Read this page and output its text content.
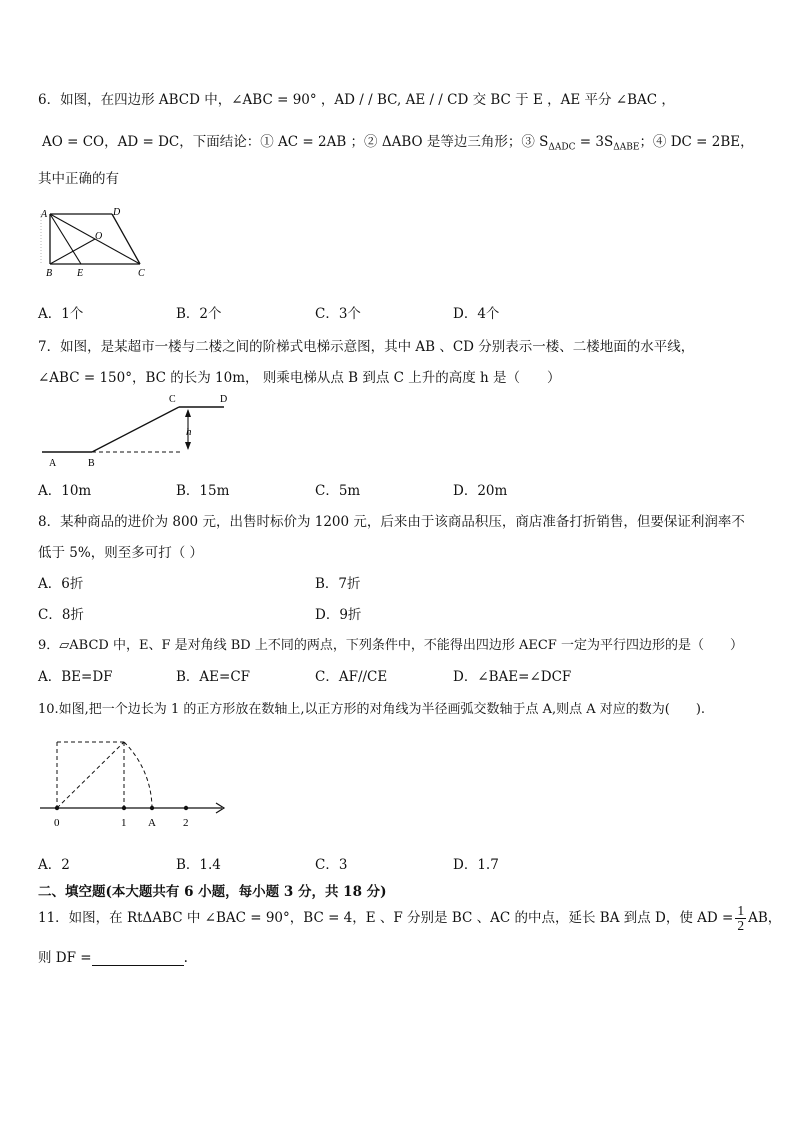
6．如图，在四边形 ABCD 中，∠ABC = 90° ，AD / / BC, AE / / CD 交 BC 于 E ，AE 平分 ∠BAC ，
AO = CO，AD = DC，下面结论：① AC = 2AB ；② ΔABO 是等边三角形；③ $S_{\Delta ADC} = 3S_{\Delta ABE}$；④ DC = 2BE，
其中正确的有
A	D
O
B E	C
A．1个	B．2个	C．3个	D．4个
7．如图，是某超市一楼与二楼之间的阶梯式电梯示意图，其中 AB 、CD 分别表示一楼、二楼地面的水平线，
∠ABC = 150°，BC 的长为 10m， 则乘电梯从点 B 到点 C 上升的高度 h 是（　　）
h
C	D
A	B
A．10m	B．15m	C．5m	D．20m
8．某种商品的进价为 800 元，出售时标价为 1200 元，后来由于该商品积压，商店准备打折销售，但要保证利润率不
低于 5%，则至多可打（ ）
A．6折	B．7折
C．8折	D．9折
9．▱ABCD 中，E、F 是对角线 BD 上不同的两点，下列条件中，不能得出四边形 AECF 一定为平行四边形的是（　　）
A．BE=DF	B．AE=CF	C．AF//CE	D．∠BAE=∠DCF
10.如图,把一个边长为 1 的正方形放在数轴上,以正方形的对角线为半径画弧交数轴于点 A,则点 A 对应的数为(　　).
0	1 A 2
A．2	B．1.4	C．3	D．1.7
二、填空题(本大题共有 6 小题，每小题 3 分，共 18 分)
11．如图，在 RtΔABC 中 ∠BAC = 90°，BC = 4，E 、F 分别是 BC 、AC 的中点，延长 BA 到点 D，使 AD = $\frac{1}{2}$ AB，
则 DF =	.
